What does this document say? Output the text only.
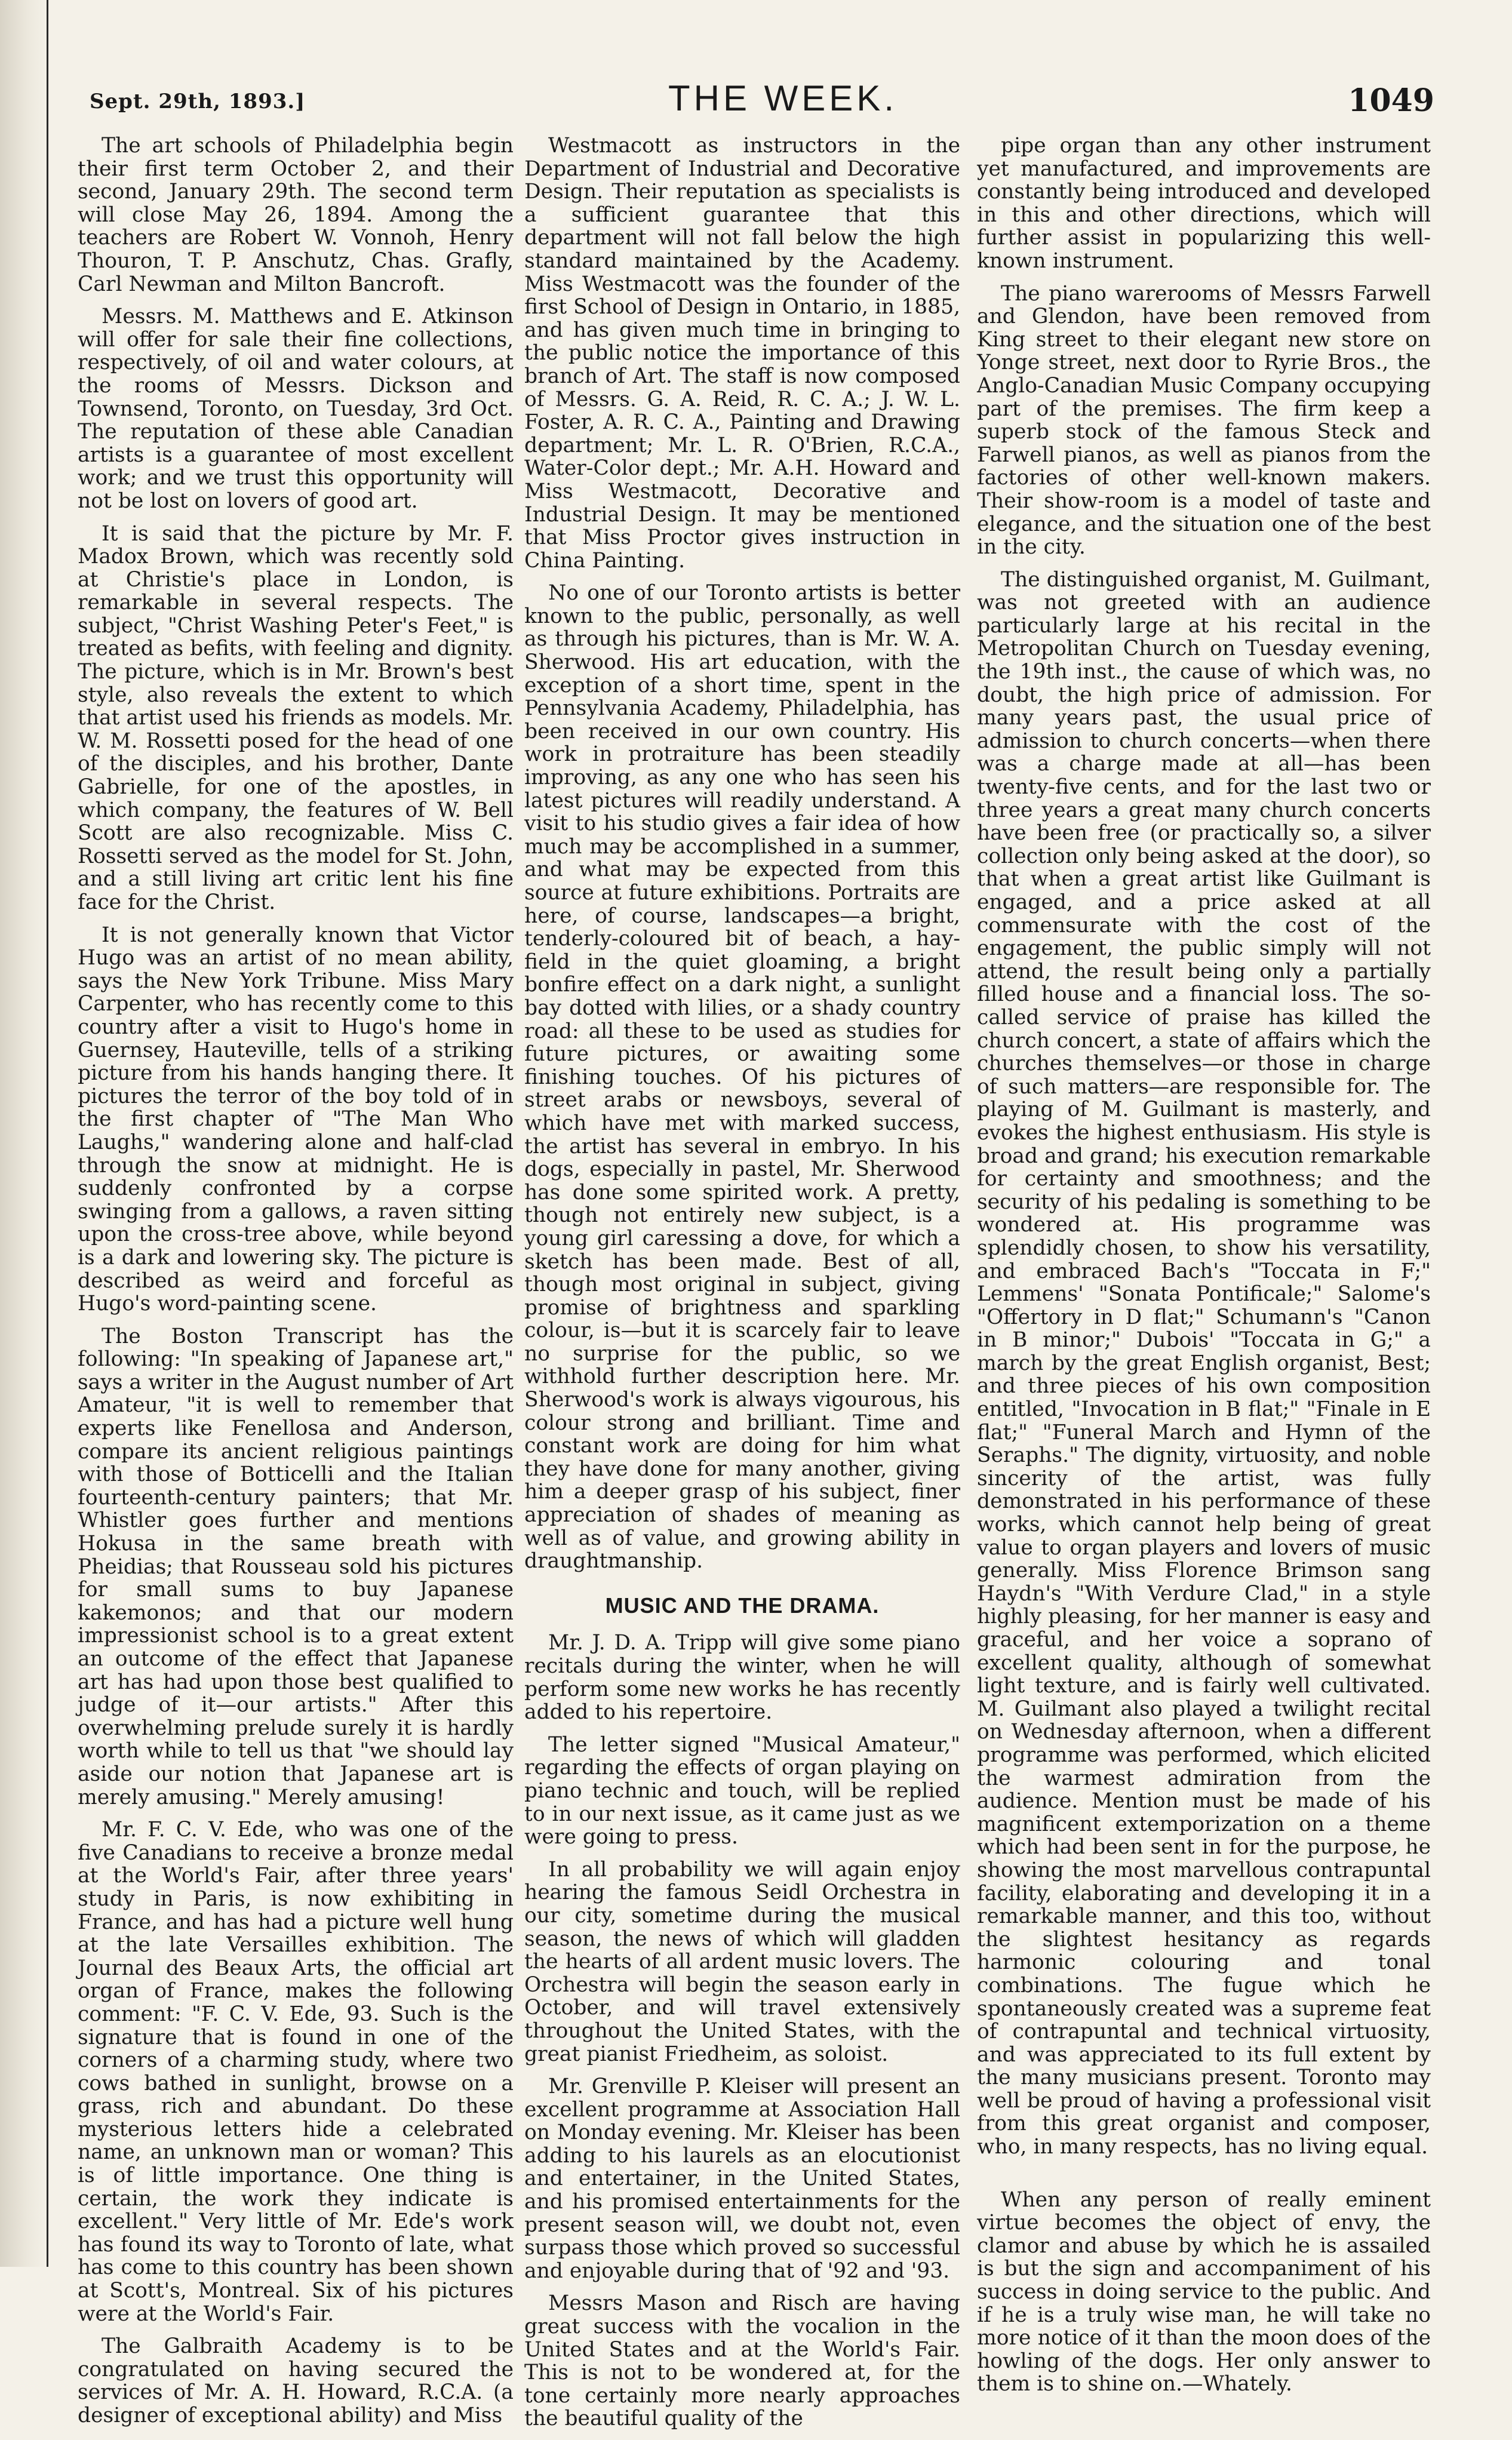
Sept. 29th, 1893.]	THE WEEK.	1049

The art schools of Philadelphia begin their first term October 2, and their second, January 29th. The second term will close May 26, 1894. Among the teachers are Robert W. Vonnoh, Henry Thouron, T. P. Anschutz, Chas. Grafly, Carl Newman and Milton Bancroft.

Messrs. M. Matthews and E. Atkinson will offer for sale their fine collections, respectively, of oil and water colours, at the rooms of Messrs. Dickson and Townsend, Toronto, on Tuesday, 3rd Oct. The reputation of these able Canadian artists is a guarantee of most excellent work; and we trust this opportunity will not be lost on lovers of good art.

It is said that the picture by Mr. F. Madox Brown, which was recently sold at Christie's place in London, is remarkable in several respects. The subject, "Christ Washing Peter's Feet," is treated as befits, with feeling and dignity. The picture, which is in Mr. Brown's best style, also reveals the extent to which that artist used his friends as models. Mr. W. M. Rossetti posed for the head of one of the disciples, and his brother, Dante Gabrielle, for one of the apostles, in which company, the features of W. Bell Scott are also recognizable. Miss C. Rossetti served as the model for St. John, and a still living art critic lent his fine face for the Christ.

It is not generally known that Victor Hugo was an artist of no mean ability, says the New York Tribune. Miss Mary Carpenter, who has recently come to this country after a visit to Hugo's home in Guernsey, Hauteville, tells of a striking picture from his hands hanging there. It pictures the terror of the boy told of in the first chapter of "The Man Who Laughs," wandering alone and half-clad through the snow at midnight. He is suddenly confronted by a corpse swinging from a gallows, a raven sitting upon the cross-tree above, while beyond is a dark and lowering sky. The picture is described as weird and forceful as Hugo's word-painting scene.

The Boston Transcript has the following: "In speaking of Japanese art," says a writer in the August number of Art Amateur, "it is well to remember that experts like Fenellosa and Anderson, compare its ancient religious paintings with those of Botticelli and the Italian fourteenth-century painters; that Mr. Whistler goes further and mentions Hokusa in the same breath with Pheidias; that Rousseau sold his pictures for small sums to buy Japanese kakemonos; and that our modern impressionist school is to a great extent an outcome of the effect that Japanese art has had upon those best qualified to judge of it—our artists." After this overwhelming prelude surely it is hardly worth while to tell us that "we should lay aside our notion that Japanese art is merely amusing." Merely amusing!

Mr. F. C. V. Ede, who was one of the five Canadians to receive a bronze medal at the World's Fair, after three years' study in Paris, is now exhibiting in France, and has had a picture well hung at the late Versailles exhibition. The Journal des Beaux Arts, the official art organ of France, makes the following comment: "F. C. V. Ede, 93. Such is the signature that is found in one of the corners of a charming study, where two cows bathed in sunlight, browse on a grass, rich and abundant. Do these mysterious letters hide a celebrated name, an unknown man or woman? This is of little importance. One thing is certain, the work they indicate is excellent." Very little of Mr. Ede's work has found its way to Toronto of late, what has come to this country has been shown at Scott's, Montreal. Six of his pictures were at the World's Fair.

The Galbraith Academy is to be congratulated on having secured the services of Mr. A. H. Howard, R.C.A. (a designer of exceptional ability) and Miss

Westmacott as instructors in the Department of Industrial and Decorative Design. Their reputation as specialists is a sufficient guarantee that this department will not fall below the high standard maintained by the Academy. Miss Westmacott was the founder of the first School of Design in Ontario, in 1885, and has given much time in bringing to the public notice the importance of this branch of Art. The staff is now composed of Messrs. G. A. Reid, R. C. A.; J. W. L. Foster, A. R. C. A., Painting and Drawing department; Mr. L. R. O'Brien, R.C.A., Water-Color dept.; Mr. A.H. Howard and Miss Westmacott, Decorative and Industrial Design. It may be mentioned that Miss Proctor gives instruction in China Painting.

No one of our Toronto artists is better known to the public, personally, as well as through his pictures, than is Mr. W. A. Sherwood. His art education, with the exception of a short time, spent in the Pennsylvania Academy, Philadelphia, has been received in our own country. His work in protraiture has been steadily improving, as any one who has seen his latest pictures will readily understand. A visit to his studio gives a fair idea of how much may be accomplished in a summer, and what may be expected from this source at future exhibitions. Portraits are here, of course, landscapes—a bright, tenderly-coloured bit of beach, a hay-field in the quiet gloaming, a bright bonfire effect on a dark night, a sunlight bay dotted with lilies, or a shady country road: all these to be used as studies for future pictures, or awaiting some finishing touches. Of his pictures of street arabs or newsboys, several of which have met with marked success, the artist has several in embryo. In his dogs, especially in pastel, Mr. Sherwood has done some spirited work. A pretty, though not entirely new subject, is a young girl caressing a dove, for which a sketch has been made. Best of all, though most original in subject, giving promise of brightness and sparkling colour, is—but it is scarcely fair to leave no surprise for the public, so we withhold further description here. Mr. Sherwood's work is always vigourous, his colour strong and brilliant. Time and constant work are doing for him what they have done for many another, giving him a deeper grasp of his subject, finer appreciation of shades of meaning as well as of value, and growing ability in draughtmanship.

MUSIC AND THE DRAMA.

Mr. J. D. A. Tripp will give some piano recitals during the winter, when he will perform some new works he has recently added to his repertoire.

The letter signed "Musical Amateur," regarding the effects of organ playing on piano technic and touch, will be replied to in our next issue, as it came just as we were going to press.

In all probability we will again enjoy hearing the famous Seidl Orchestra in our city, sometime during the musical season, the news of which will gladden the hearts of all ardent music lovers. The Orchestra will begin the season early in October, and will travel extensively throughout the United States, with the great pianist Friedheim, as soloist.

Mr. Grenville P. Kleiser will present an excellent programme at Association Hall on Monday evening. Mr. Kleiser has been adding to his laurels as an elocutionist and entertainer, in the United States, and his promised entertainments for the present season will, we doubt not, even surpass those which proved so successful and enjoyable during that of '92 and '93.

Messrs Mason and Risch are having great success with the vocalion in the United States and at the World's Fair. This is not to be wondered at, for the tone certainly more nearly approaches the beautiful quality of the

pipe organ than any other instrument yet manufactured, and improvements are constantly being introduced and developed in this and other directions, which will further assist in popularizing this well-known instrument.

The piano warerooms of Messrs Farwell and Glendon, have been removed from King street to their elegant new store on Yonge street, next door to Ryrie Bros., the Anglo-Canadian Music Company occupying part of the premises. The firm keep a superb stock of the famous Steck and Farwell pianos, as well as pianos from the factories of other well-known makers. Their show-room is a model of taste and elegance, and the situation one of the best in the city.

The distinguished organist, M. Guilmant, was not greeted with an audience particularly large at his recital in the Metropolitan Church on Tuesday evening, the 19th inst., the cause of which was, no doubt, the high price of admission. For many years past, the usual price of admission to church concerts—when there was a charge made at all—has been twenty-five cents, and for the last two or three years a great many church concerts have been free (or practically so, a silver collection only being asked at the door), so that when a great artist like Guilmant is engaged, and a price asked at all commensurate with the cost of the engagement, the public simply will not attend, the result being only a partially filled house and a financial loss. The so-called service of praise has killed the church concert, a state of affairs which the churches themselves—or those in charge of such matters—are responsible for. The playing of M. Guilmant is masterly, and evokes the highest enthusiasm. His style is broad and grand; his execution remarkable for certainty and smoothness; and the security of his pedaling is something to be wondered at. His programme was splendidly chosen, to show his versatility, and embraced Bach's "Toccata in F;" Lemmens' "Sonata Pontificale;" Salome's "Offertory in D flat;" Schumann's "Canon in B minor;" Dubois' "Toccata in G;" a march by the great English organist, Best; and three pieces of his own composition entitled, "Invocation in B flat;" "Finale in E flat;" "Funeral March and Hymn of the Seraphs." The dignity, virtuosity, and noble sincerity of the artist, was fully demonstrated in his performance of these works, which cannot help being of great value to organ players and lovers of music generally. Miss Florence Brimson sang Haydn's "With Verdure Clad," in a style highly pleasing, for her manner is easy and graceful, and her voice a soprano of excellent quality, although of somewhat light texture, and is fairly well cultivated. M. Guilmant also played a twilight recital on Wednesday afternoon, when a different programme was performed, which elicited the warmest admiration from the audience. Mention must be made of his magnificent extemporization on a theme which had been sent in for the purpose, he showing the most marvellous contrapuntal facility, elaborating and developing it in a remarkable manner, and this too, without the slightest hesitancy as regards harmonic colouring and tonal combinations. The fugue which he spontaneously created was a supreme feat of contrapuntal and technical virtuosity, and was appreciated to its full extent by the many musicians present. Toronto may well be proud of having a professional visit from this great organist and composer, who, in many respects, has no living equal.

When any person of really eminent virtue becomes the object of envy, the clamor and abuse by which he is assailed is but the sign and accompaniment of his success in doing service to the public. And if he is a truly wise man, he will take no more notice of it than the moon does of the howling of the dogs. Her only answer to them is to shine on.—Whately.
